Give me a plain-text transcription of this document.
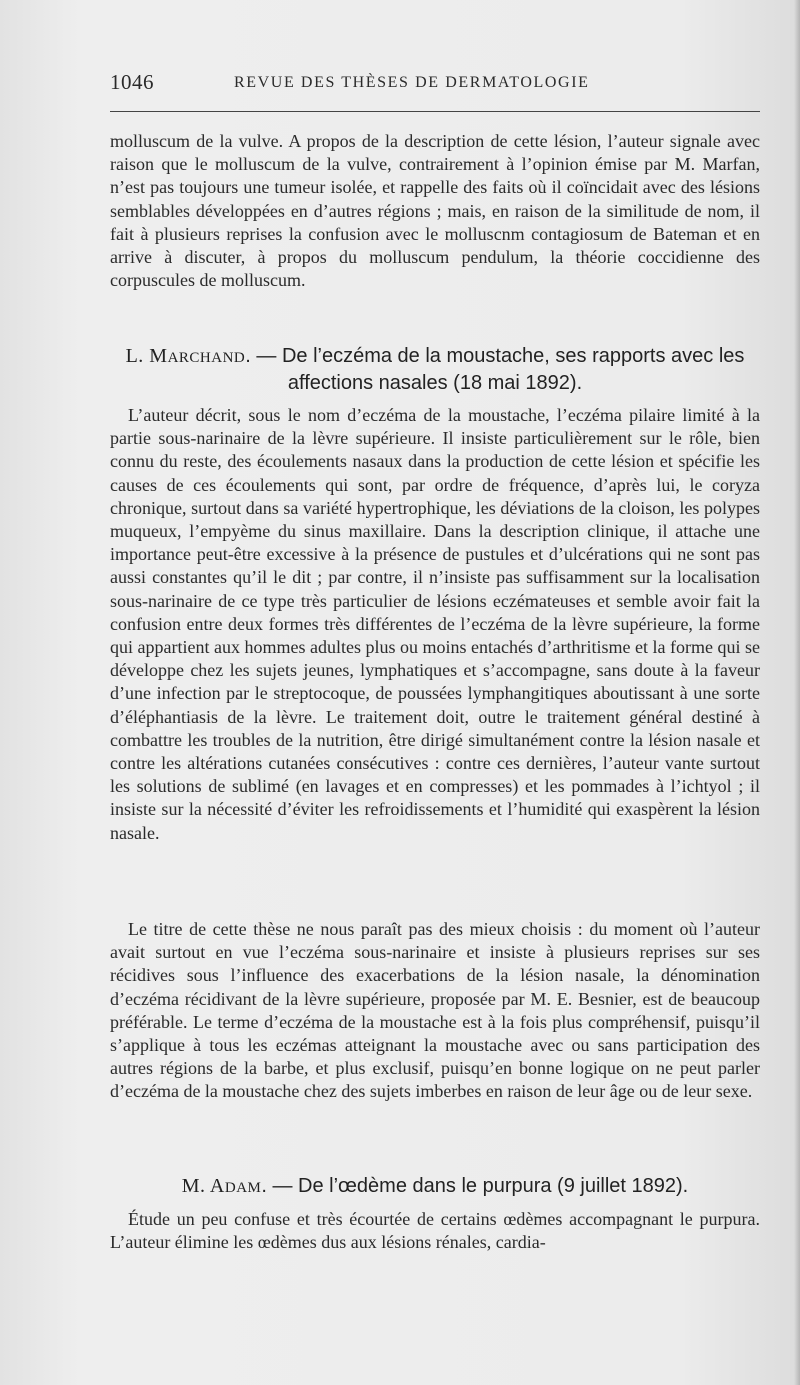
1046	REVUE DES THÈSES DE DERMATOLOGIE
molluscum de la vulve. A propos de la description de cette lésion, l’auteur signale avec raison que le molluscum de la vulve, contrairement à l’opinion émise par M. Marfan, n’est pas toujours une tumeur isolée, et rappelle des faits où il coïncidait avec des lésions semblables développées en d’autres régions ; mais, en raison de la similitude de nom, il fait à plusieurs reprises la confusion avec le molluscnm contagiosum de Bateman et en arrive à discuter, à propos du molluscum pendulum, la théorie coccidienne des corpuscules de molluscum.
L. MARCHAND. — De l’eczéma de la moustache, ses rapports avec les affections nasales (18 mai 1892).
L’auteur décrit, sous le nom d’eczéma de la moustache, l’eczéma pilaire limité à la partie sous-narinaire de la lèvre supérieure. Il insiste particulièrement sur le rôle, bien connu du reste, des écoulements nasaux dans la production de cette lésion et spécifie les causes de ces écoulements qui sont, par ordre de fréquence, d’après lui, le coryza chronique, surtout dans sa variété hypertrophique, les déviations de la cloison, les polypes muqueux, l’empyème du sinus maxillaire. Dans la description clinique, il attache une importance peut-être excessive à la présence de pustules et d’ulcérations qui ne sont pas aussi constantes qu’il le dit ; par contre, il n’insiste pas suffisamment sur la localisation sous-narinaire de ce type très particulier de lésions eczémateuses et semble avoir fait la confusion entre deux formes très différentes de l’eczéma de la lèvre supérieure, la forme qui appartient aux hommes adultes plus ou moins entachés d’arthritisme et la forme qui se développe chez les sujets jeunes, lymphatiques et s’accompagne, sans doute à la faveur d’une infection par le streptocoque, de poussées lymphangitiques aboutissant à une sorte d’éléphantiasis de la lèvre. Le traitement doit, outre le traitement général destiné à combattre les troubles de la nutrition, être dirigé simultanément contre la lésion nasale et contre les altérations cutanées consécutives : contre ces dernières, l’auteur vante surtout les solutions de sublimé (en lavages et en compresses) et les pommades à l’ichtyol ; il insiste sur la nécessité d’éviter les refroidissements et l’humidité qui exaspèrent la lésion nasale.
Le titre de cette thèse ne nous paraît pas des mieux choisis : du moment où l’auteur avait surtout en vue l’eczéma sous-narinaire et insiste à plusieurs reprises sur ses récidives sous l’influence des exacerbations de la lésion nasale, la dénomination d’eczéma récidivant de la lèvre supérieure, proposée par M. E. Besnier, est de beaucoup préférable. Le terme d’eczéma de la moustache est à la fois plus compréhensif, puisqu’il s’applique à tous les eczémas atteignant la moustache avec ou sans participation des autres régions de la barbe, et plus exclusif, puisqu’en bonne logique on ne peut parler d’eczéma de la moustache chez des sujets imberbes en raison de leur âge ou de leur sexe.
M. ADAM. — De l’œdème dans le purpura (9 juillet 1892).
Étude un peu confuse et très écourtée de certains œdèmes accompagnant le purpura. L’auteur élimine les œdèmes dus aux lésions rénales, cardia-
